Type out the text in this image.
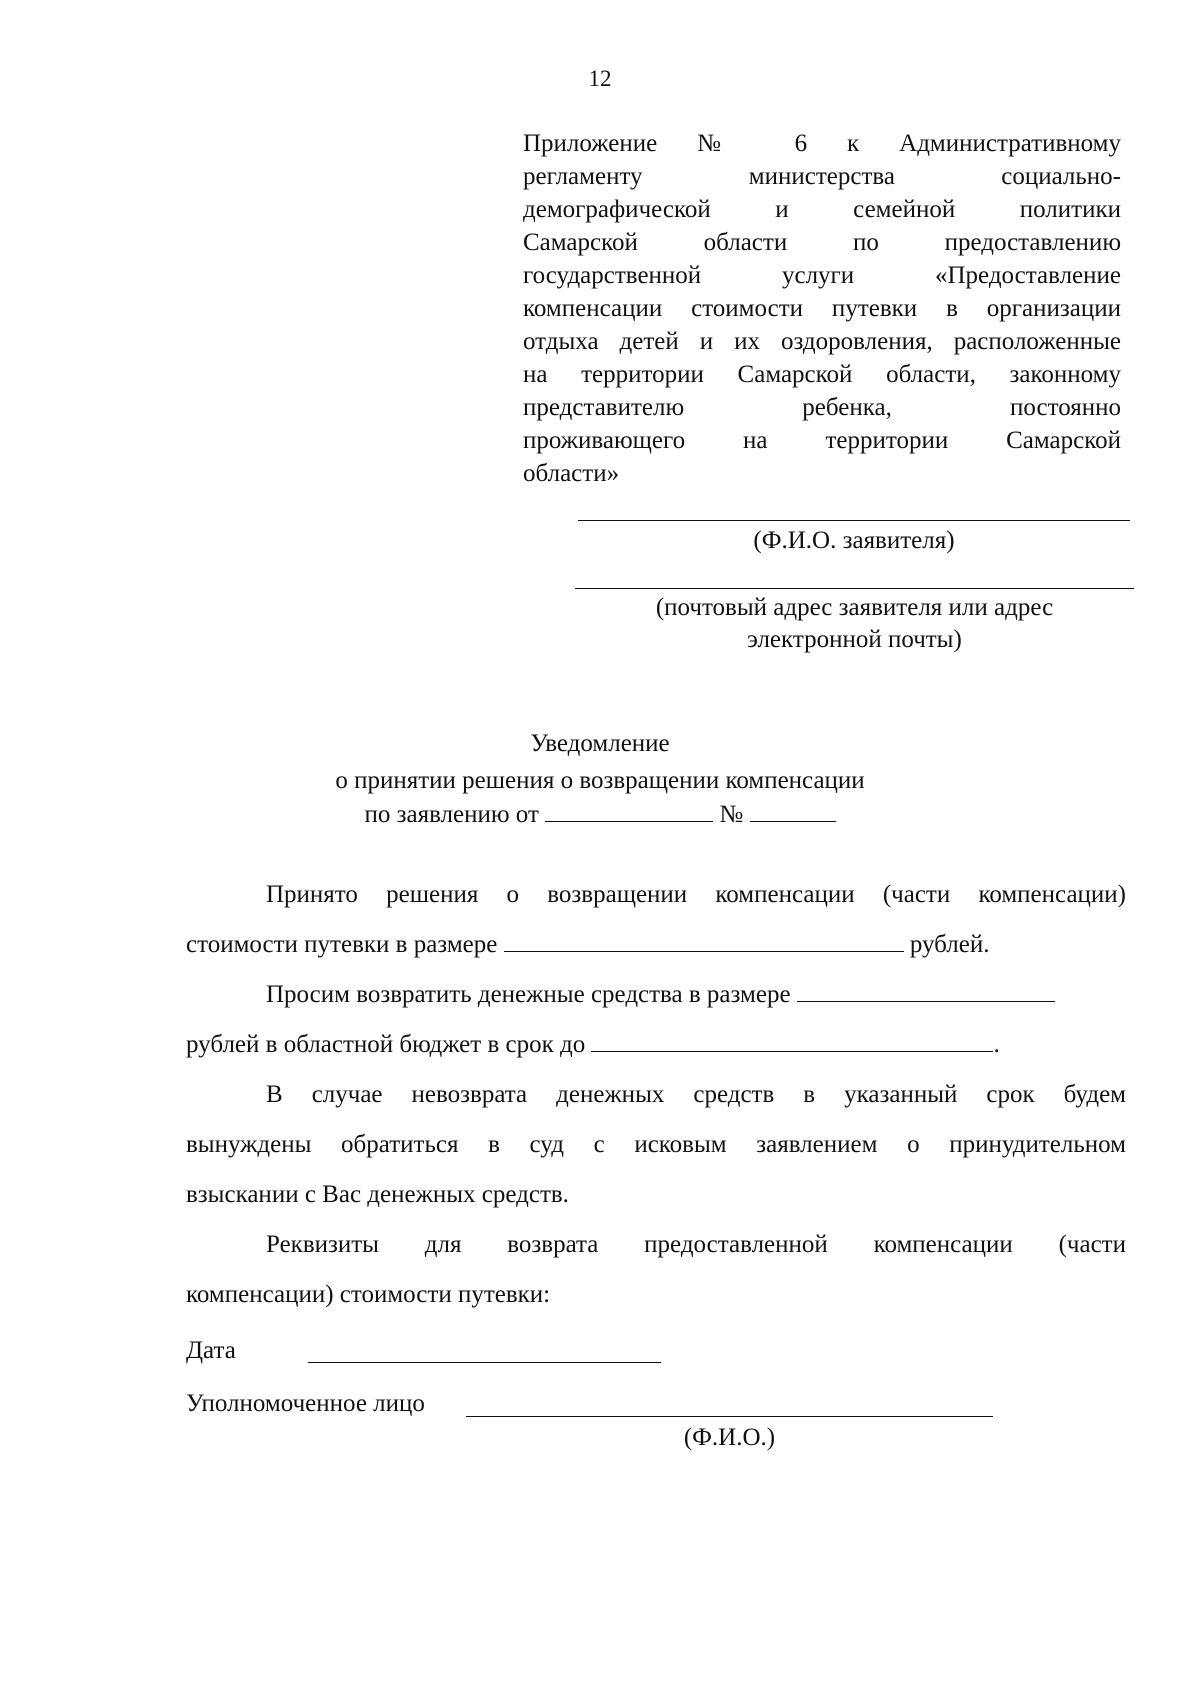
12
Приложение № 6 к Административному
регламенту министерства социально-
демографической и семейной политики
Самарской области по предоставлению
государственной услуги «Предоставление
компенсации стоимости путевки в организации
отдыха детей и их оздоровления, расположенные
на территории Самарской области, законному
представителю ребенка, постоянно
проживающего на территории Самарской
области»
(Ф.И.О. заявителя)
(почтовый адрес заявителя или адрес
электронной почты)
Уведомление
о принятии решения о возвращении компенсации
по заявлению от	№
Принято решения о возвращении компенсации (части компенсации)
стоимости путевки в размере	рублей.
Просим возвратить денежные средства в размере
рублей в областной бюджет в срок до	.
В случае невозврата денежных средств в указанный срок будем
вынуждены обратиться в суд с исковым заявлением о принудительном
взыскании с Вас денежных средств.
Реквизиты для возврата предоставленной компенсации (части
компенсации) стоимости путевки:
Дата
Уполномоченное лицо
(Ф.И.О.)
